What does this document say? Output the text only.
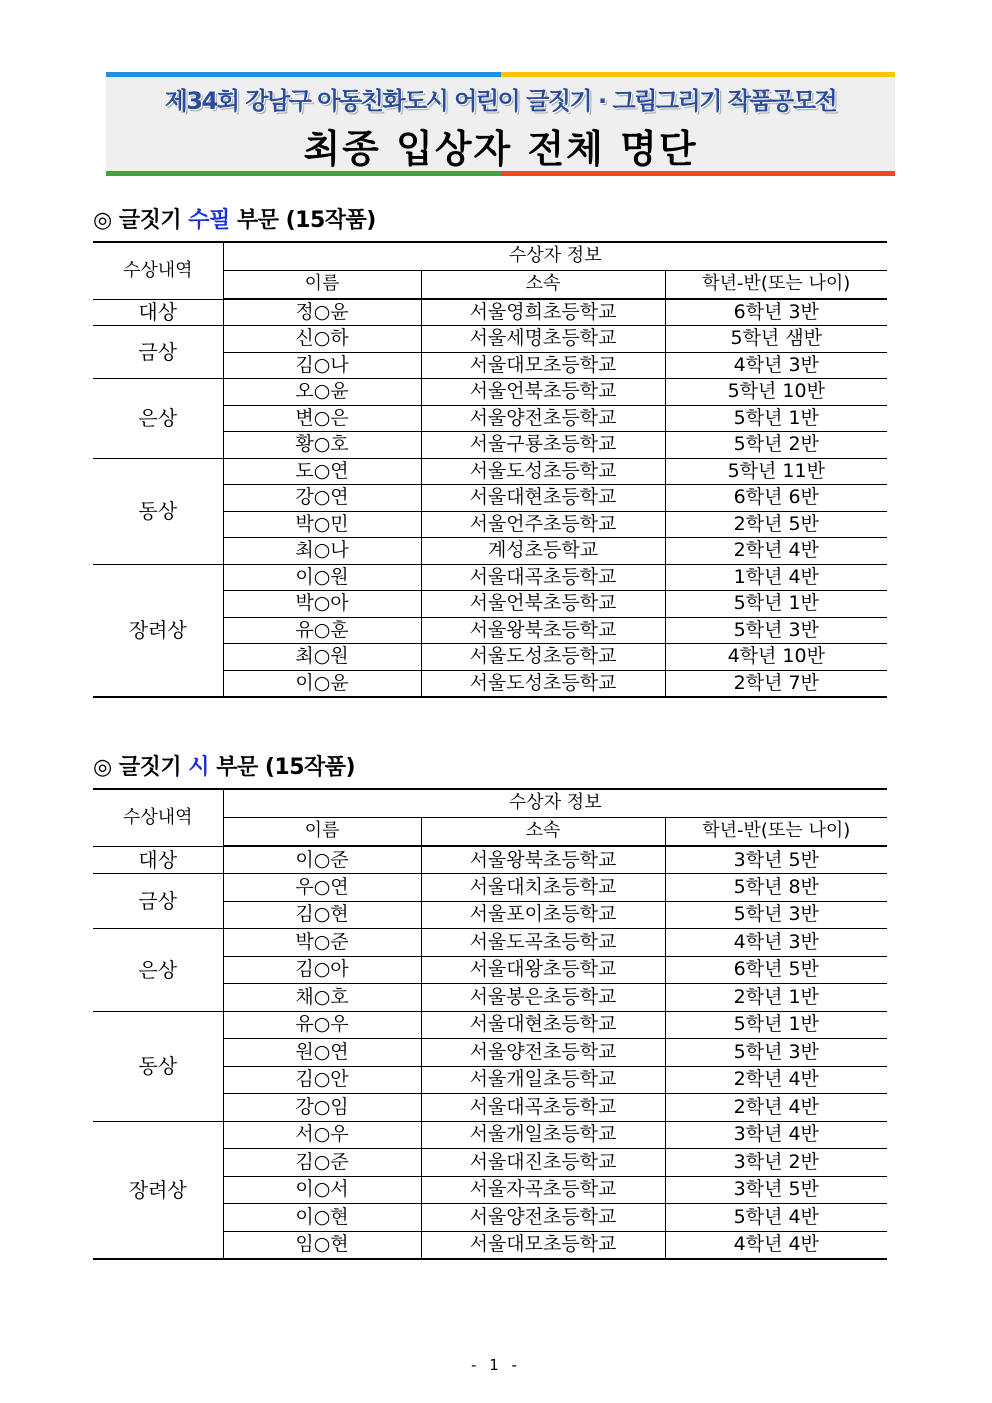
제34회 강남구 아동친화도시 어린이 글짓기 · 그림그리기 작품공모전
최종 입상자 전체 명단
◎ 글짓기 수필 부문 (15작품)
수상내역	수상자 정보		
	이름	소속	학년-반(또는 나이)
대상	정○윤	서울영희초등학교	6학년 3반
금상	신○하	서울세명초등학교	5학년 샘반
	김○나	서울대모초등학교	4학년 3반
은상	오○윤	서울언북초등학교	5학년 10반
	변○은	서울양전초등학교	5학년 1반
	황○호	서울구룡초등학교	5학년 2반
동상	도○연	서울도성초등학교	5학년 11반
	강○연	서울대현초등학교	6학년 6반
	박○민	서울언주초등학교	2학년 5반
	최○나	계성초등학교	2학년 4반
장려상	이○원	서울대곡초등학교	1학년 4반
	박○아	서울언북초등학교	5학년 1반
	유○훈	서울왕북초등학교	5학년 3반
	최○원	서울도성초등학교	4학년 10반
	이○윤	서울도성초등학교	2학년 7반
◎ 글짓기 시 부문 (15작품)
수상내역	수상자 정보		
	이름	소속	학년-반(또는 나이)
대상	이○준	서울왕북초등학교	3학년 5반
금상	우○연	서울대치초등학교	5학년 8반
	김○현	서울포이초등학교	5학년 3반
은상	박○준	서울도곡초등학교	4학년 3반
	김○아	서울대왕초등학교	6학년 5반
	채○호	서울봉은초등학교	2학년 1반
동상	유○우	서울대현초등학교	5학년 1반
	원○연	서울양전초등학교	5학년 3반
	김○안	서울개일초등학교	2학년 4반
	강○임	서울대곡초등학교	2학년 4반
장려상	서○우	서울개일초등학교	3학년 4반
	김○준	서울대진초등학교	3학년 2반
	이○서	서울자곡초등학교	3학년 5반
	이○현	서울양전초등학교	5학년 4반
	임○현	서울대모초등학교	4학년 4반
- 1 -
